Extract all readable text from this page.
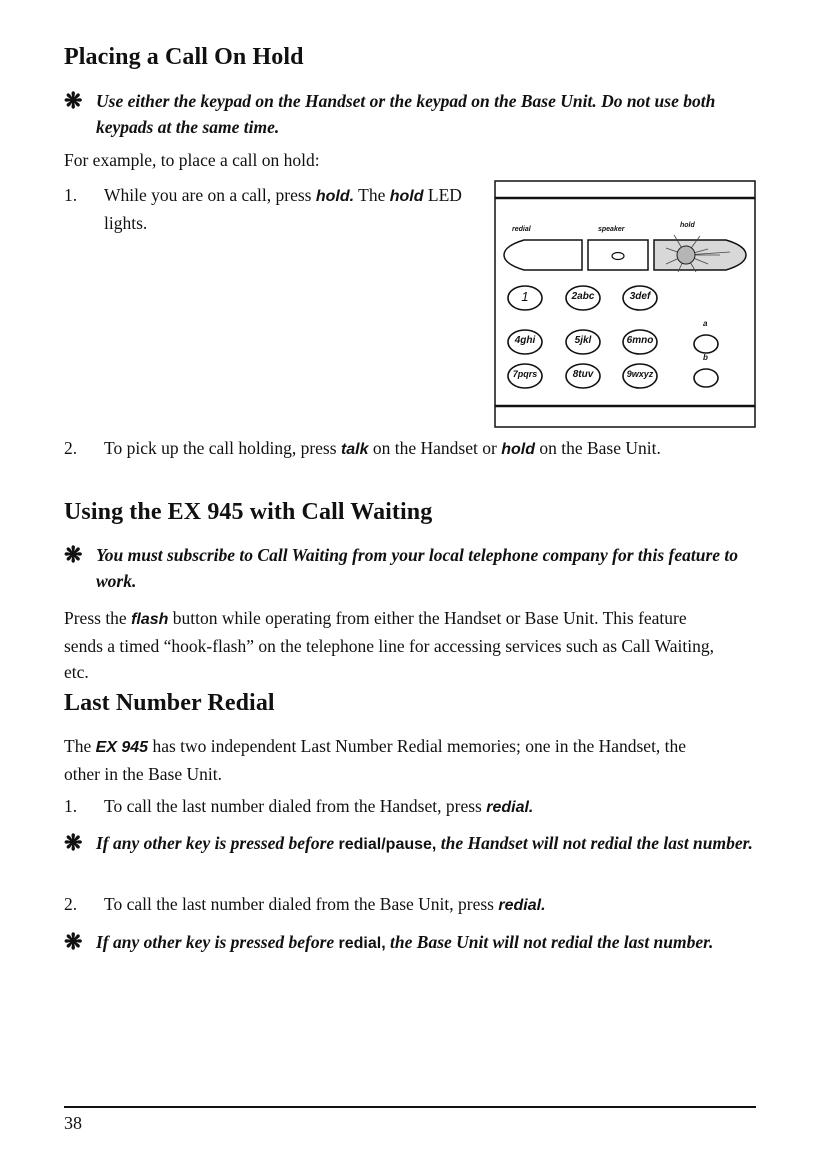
Placing a Call On Hold
❋ Use either the keypad on the Handset or the keypad on the Base Unit. Do not use both keypads at the same time.
For example, to place a call on hold:
1.	While you are on a call, press hold. The hold LED lights.	redial	speaker
hold
1	2abc	3def
4ghi	5jkl	6mno
7pqrs	8tuv	9wxyz
a
b
2.	To pick up the call holding, press talk on the Handset or hold on the Base Unit.
Using the EX 945 with Call Waiting
❋ You must subscribe to Call Waiting from your local telephone company for this feature to work.
Press the flash button while operating from either the Handset or Base Unit. This feature sends a timed “hook-flash” on the telephone line for accessing services such as Call Waiting, etc.
Last Number Redial
The EX 945 has two independent Last Number Redial memories; one in the Handset, the other in the Base Unit.
1.	To call the last number dialed from the Handset, press redial.
❋ If any other key is pressed before redial/pause, the Handset will not redial the last number.
2.	To call the last number dialed from the Base Unit, press redial.
❋ If any other key is pressed before redial, the Base Unit will not redial the last number.
38
